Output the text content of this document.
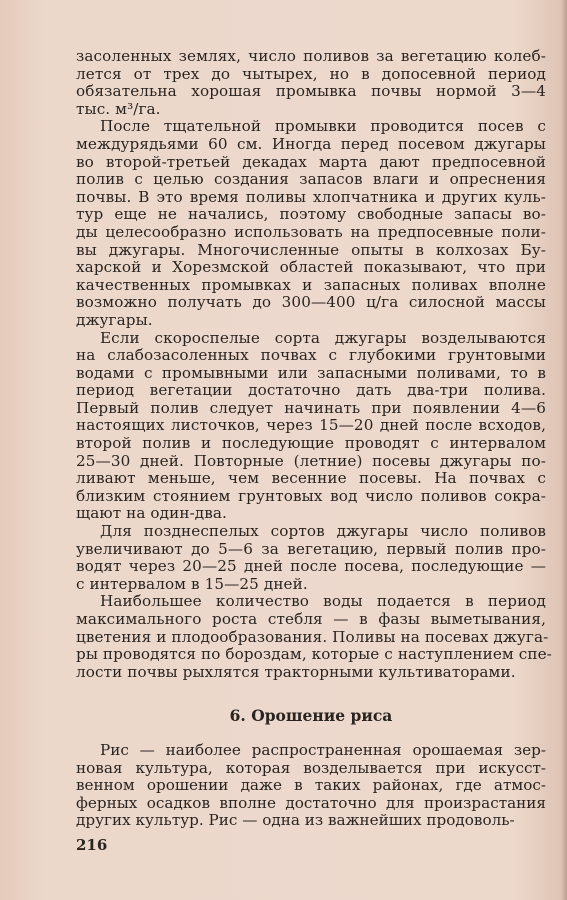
засоленных землях, число поливов за вегетацию колеб-
лется от трех до чытырех, но в допосевной период
обязательна хорошая промывка почвы нормой 3—4
тыс. м³/га.
После тщательной промывки проводится посев с
междурядьями 60 см. Иногда перед посевом джугары
во второй-третьей декадах марта дают предпосевной
полив с целью создания запасов влаги и опреснения
почвы. В это время поливы хлопчатника и других куль-
тур еще не начались, поэтому свободные запасы во-
ды целесообразно использовать на предпосевные поли-
вы джугары. Многочисленные опыты в колхозах Бу-
харской и Хорезмской областей показывают, что при
качественных промывках и запасных поливах вполне
возможно получать до 300—400 ц/га силосной массы
джугары.
Если скороспелые сорта джугары возделываются
на слабозасоленных почвах с глубокими грунтовыми
водами с промывными или запасными поливами, то в
период вегетации достаточно дать два-три полива.
Первый полив следует начинать при появлении 4—6
настоящих листочков, через 15—20 дней после всходов,
второй полив и последующие проводят с интервалом
25—30 дней. Повторные (летние) посевы джугары по-
ливают меньше, чем весенние посевы. На почвах с
близким стоянием грунтовых вод число поливов сокра-
щают на один-два.
Для позднеспелых сортов джугары число поливов
увеличивают до 5—6 за вегетацию, первый полив про-
водят через 20—25 дней после посева, последующие —
с интервалом в 15—25 дней.
Наибольшее количество воды подается в период
максимального роста стебля — в фазы выметывания,
цветения и плодообразования. Поливы на посевах джуга-
ры проводятся по бороздам, которые с наступлением спе-
лости почвы рыхлятся тракторными культиваторами.
6. Орошение риса
Рис — наиболее распространенная орошаемая зер-
новая культура, которая возделывается при искусст-
венном орошении даже в таких районах, где атмос-
ферных осадков вполне достаточно для произрастания
других культур. Рис — одна из важнейших продоволь-
216
